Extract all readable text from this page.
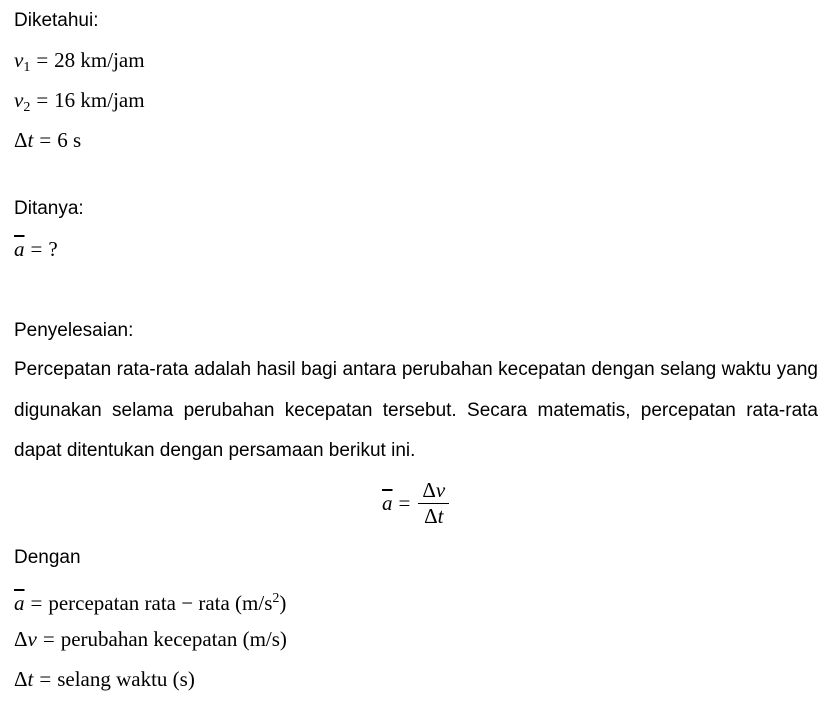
Diketahui:
$v_1 = 28$ km/jam
$v_2 = 16$ km/jam
Δt = 6 s
Ditanya:
$\overline{a}$ = ?
Penyelesaian:
Percepatan rata-rata adalah hasil bagi antara perubahan kecepatan dengan selang waktu yang digunakan selama perubahan kecepatan tersebut. Secara matematis, percepatan rata-rata dapat ditentukan dengan persamaan berikut ini.
$\overline{a} = \frac{\Delta v}{\Delta t}$
Dengan
$\overline{a}$ = percepatan rata − rata $(m/s^2)$
Δv = perubahan kecepatan (m/s)
Δt = selang waktu (s)
